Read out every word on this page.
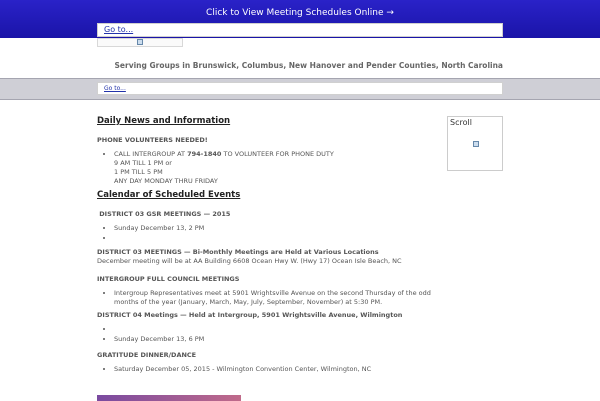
Click to View Meeting Schedules Online →
Go to...
Serving Groups in Brunswick, Columbus, New Hanover and Pender Counties, North Carolina
Go to...
Scroll
Daily News and Information
PHONE VOLUNTEERS NEEDED!
• CALL INTERGROUP AT 794-1840 TO VOLUNTEER FOR PHONE DUTY
9 AM TILL 1 PM or
1 PM TILL 5 PM
ANY DAY MONDAY THRU FRIDAY
Calendar of Scheduled Events
DISTRICT 03 GSR MEETINGS — 2015
• Sunday December 13, 2 PM
•
DISTRICT 03 MEETINGS — Bi-Monthly Meetings are Held at Various Locations

December meeting will be at AA Building 6608 Ocean Hwy W. (Hwy 17) Ocean Isle Beach, NC

INTERGROUP FULL COUNCIL MEETINGS
• Intergroup Representatives meet at 5901 Wrightsville Avenue on the second Thursday of the odd months of the year (January, March, May, July, September, November) at 5:30 PM.
DISTRICT 04 Meetings — Held at Intergroup, 5901 Wrightsville Avenue, Wilmington
•
• Sunday December 13, 6 PM
GRATITUDE DINNER/DANCE
• Saturday December 05, 2015 - Wilmington Convention Center, Wilmington, NC
